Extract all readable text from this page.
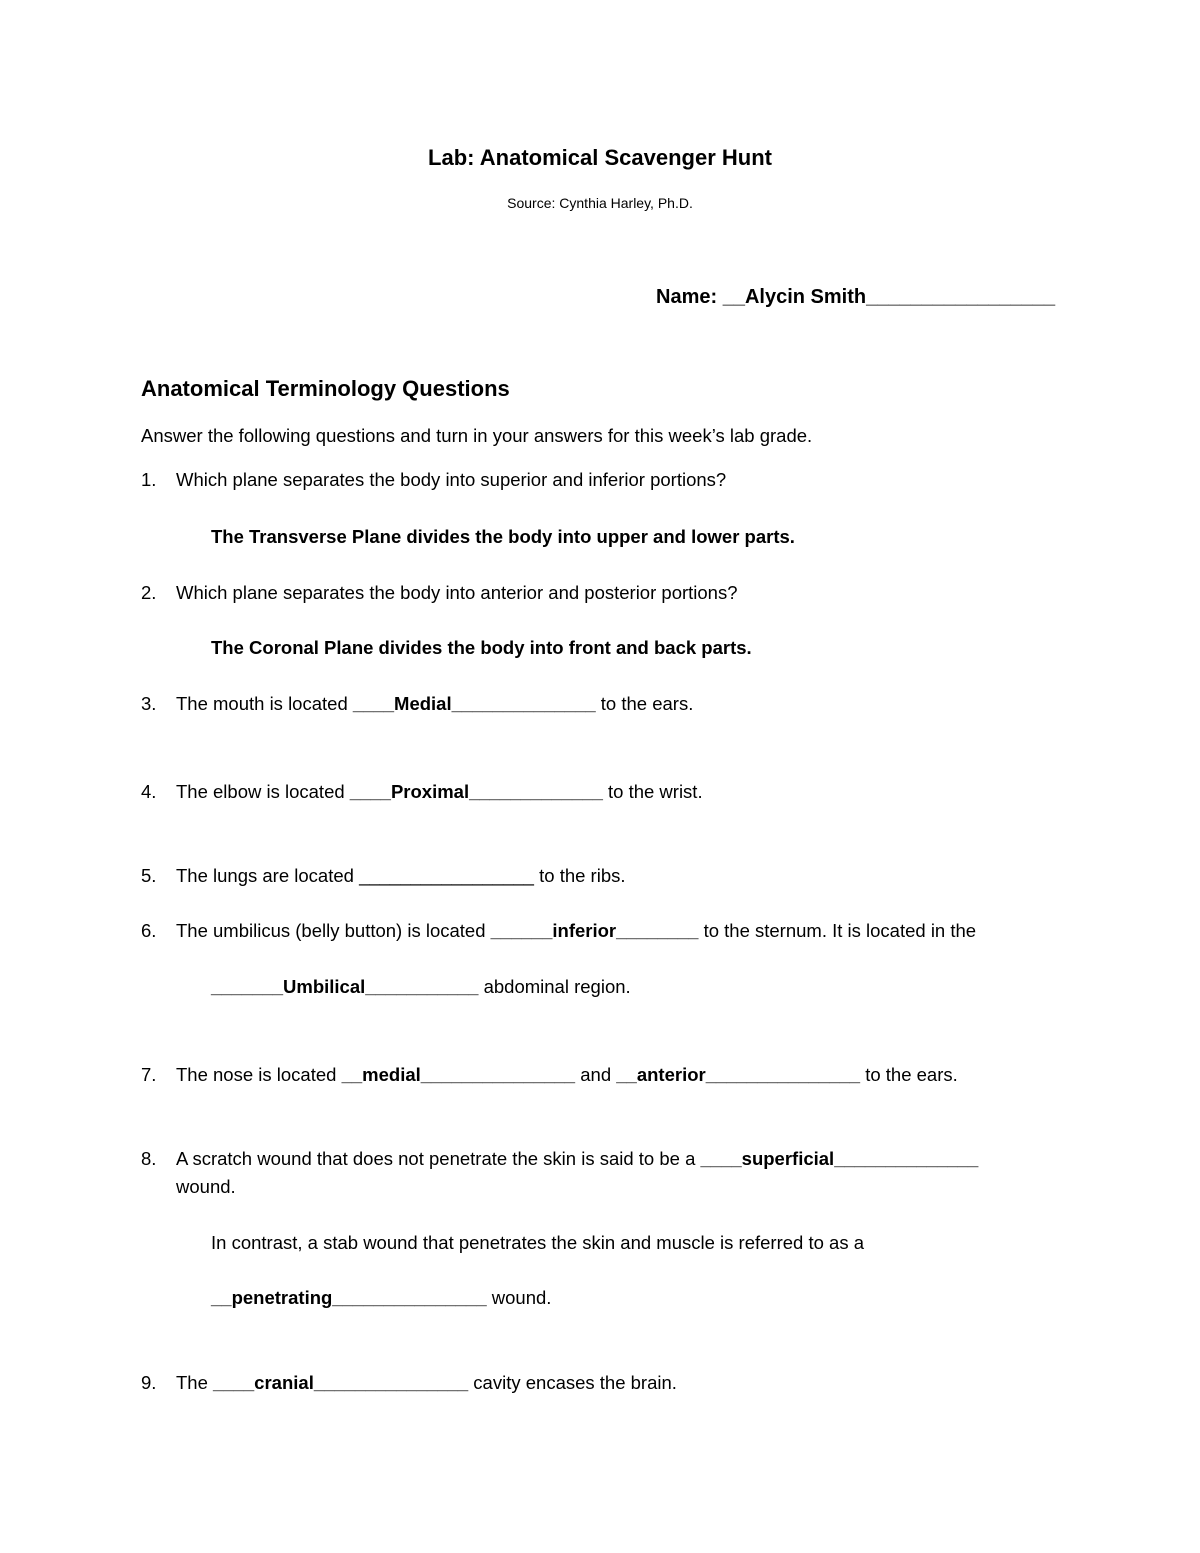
Lab: Anatomical Scavenger Hunt
Source: Cynthia Harley, Ph.D.
Name: __Alycin Smith_________________
Anatomical Terminology Questions
Answer the following questions and turn in your answers for this week’s lab grade.
1. Which plane separates the body into superior and inferior portions?
The Transverse Plane divides the body into upper and lower parts.
2. Which plane separates the body into anterior and posterior portions?
The Coronal Plane divides the body into front and back parts.
3. The mouth is located ____Medial______________ to the ears.
4. The elbow is located ____Proximal_____________ to the wrist.
5. The lungs are located _________________ to the ribs.
6. The umbilicus (belly button) is located ______inferior________ to the sternum. It is located in the
_______Umbilical___________ abdominal region.
7. The nose is located __medial_______________ and __anterior_______________ to the ears.
8. A scratch wound that does not penetrate the skin is said to be a ____superficial______________
wound.
In contrast, a stab wound that penetrates the skin and muscle is referred to as a
__penetrating_______________ wound.
9. The ____cranial_______________ cavity encases the brain.
